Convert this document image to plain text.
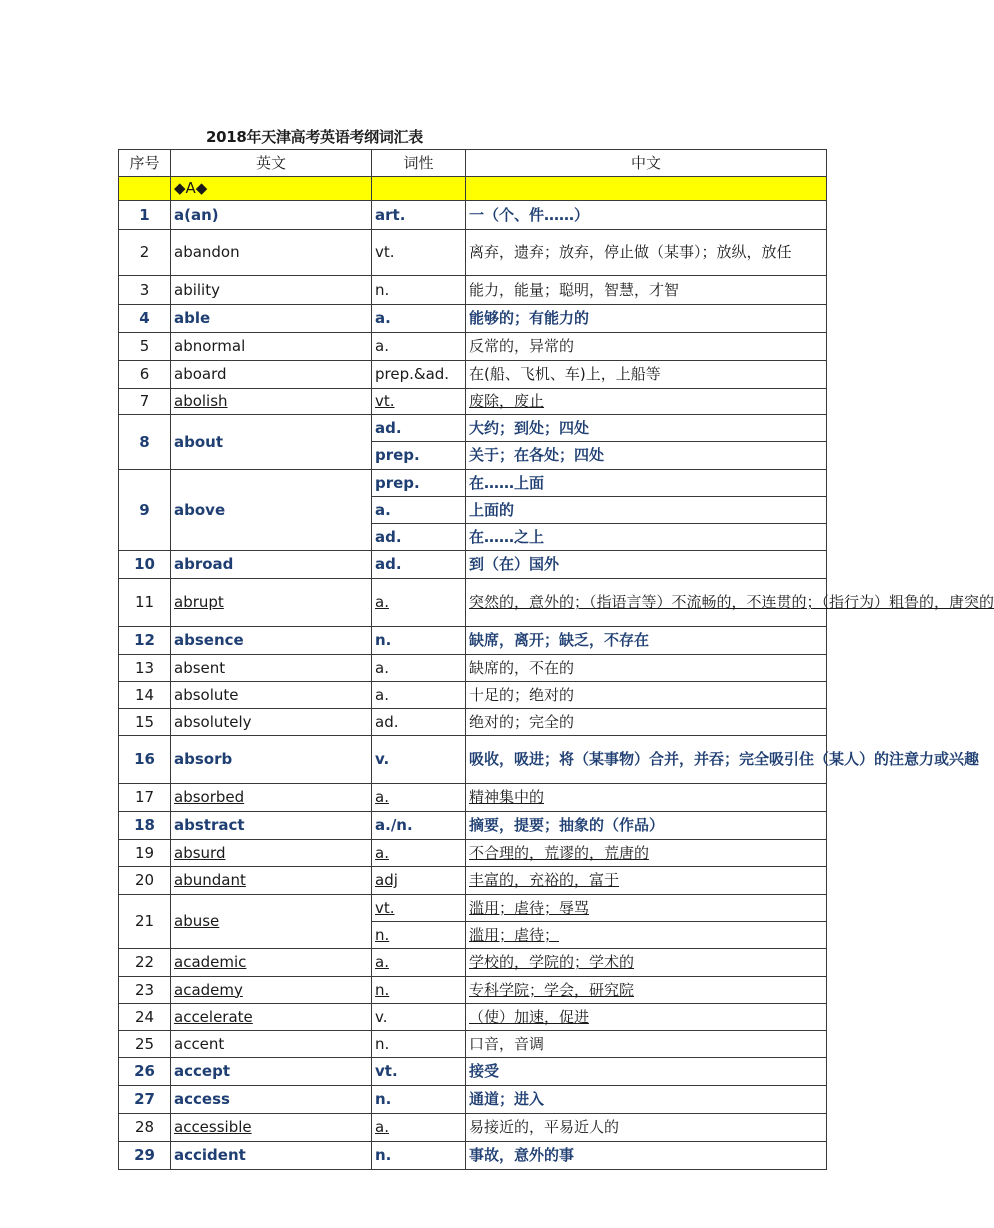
2018年天津高考英语考纲词汇表
序号	英文	词性	中文
	◆A◆		
1	a(an)	art.	一（个、件……）
2	abandon	vt.	离弃，遗弃；放弃，停止做（某事）；放纵，放任
3	ability	n.	能力，能量；聪明，智慧，才智
4	able	a.	能够的；有能力的
5	abnormal	a.	反常的，异常的
6	aboard	prep.&ad.	在(船、飞机、车)上，上船等
7	abolish	vt.	废除，废止
8	about	ad.	大约；到处；四处
		prep.	关于；在各处；四处
9	above	prep.	在……上面
		a.	上面的
		ad.	在……之上
10	abroad	ad.	到（在）国外
11	abrupt	a.	突然的，意外的；（指语言等）不流畅的，不连贯的；（指行为）粗鲁的，唐突的
12	absence	n.	缺席，离开；缺乏，不存在
13	absent	a.	缺席的，不在的
14	absolute	a.	十足的；绝对的
15	absolutely	ad.	绝对的；完全的
16	absorb	v.	吸收，吸进；将（某事物）合并，并吞；完全吸引住（某人）的注意力或兴趣
17	absorbed	a.	精神集中的
18	abstract	a./n.	摘要，提要；抽象的（作品）
19	absurd	a.	不合理的，荒谬的，荒唐的
20	abundant	adj	丰富的，充裕的，富于
21	abuse	vt.	滥用；虐待；辱骂
		n.	滥用；虐待；
22	academic	a.	学校的，学院的；学术的
23	academy	n.	专科学院；学会，研究院
24	accelerate	v.	（使）加速，促进
25	accent	n.	口音，音调
26	accept	vt.	接受
27	access	n.	通道；进入
28	accessible	a.	易接近的，平易近人的
29	accident	n.	事故，意外的事
